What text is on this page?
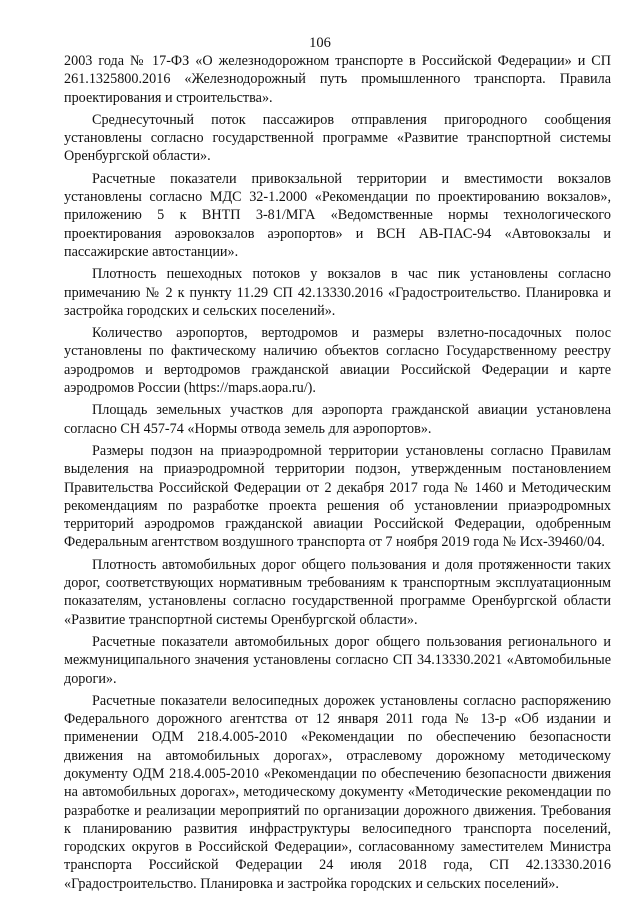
106

2003 года № 17-ФЗ «О железнодорожном транспорте в Российской Федерации» и СП 261.1325800.2016 «Железнодорожный путь промышленного транспорта. Правила проектирования и строительства».

Среднесуточный поток пассажиров отправления пригородного сообщения установлены согласно государственной программе «Развитие транспортной системы Оренбургской области».

Расчетные показатели привокзальной территории и вместимости вокзалов установлены согласно МДС 32-1.2000 «Рекомендации по проектированию вокзалов», приложению 5 к ВНТП 3-81/МГА «Ведомственные нормы технологического проектирования аэровокзалов аэропортов» и ВСН АВ-ПАС-94 «Автовокзалы и пассажирские автостанции».

Плотность пешеходных потоков у вокзалов в час пик установлены согласно примечанию № 2 к пункту 11.29 СП 42.13330.2016 «Градостроительство. Планировка и застройка городских и сельских поселений».

Количество аэропортов, вертодромов и размеры взлетно-посадочных полос установлены по фактическому наличию объектов согласно Государственному реестру аэродромов и вертодромов гражданской авиации Российской Федерации и карте аэродромов России (https://maps.aopa.ru/).

Площадь земельных участков для аэропорта гражданской авиации установлена согласно СН 457-74 «Нормы отвода земель для аэропортов».

Размеры подзон на приаэродромной территории установлены согласно Правилам выделения на приаэродромной территории подзон, утвержденным постановлением Правительства Российской Федерации от 2 декабря 2017 года № 1460 и Методическим рекомендациям по разработке проекта решения об установлении приаэродромных территорий аэродромов гражданской авиации Российской Федерации, одобренным Федеральным агентством воздушного транспорта от 7 ноября 2019 года № Исх-39460/04.

Плотность автомобильных дорог общего пользования и доля протяженности таких дорог, соответствующих нормативным требованиям к транспортным эксплуатационным показателям, установлены согласно государственной программе Оренбургской области «Развитие транспортной системы Оренбургской области».

Расчетные показатели автомобильных дорог общего пользования регионального и межмуниципального значения установлены согласно СП 34.13330.2021 «Автомобильные дороги».

Расчетные показатели велосипедных дорожек установлены согласно распоряжению Федерального дорожного агентства от 12 января 2011 года № 13-р «Об издании и применении ОДМ 218.4.005-2010 «Рекомендации по обеспечению безопасности движения на автомобильных дорогах», отраслевому дорожному методическому документу ОДМ 218.4.005-2010 «Рекомендации по обеспечению безопасности движения на автомобильных дорогах», методическому документу «Методические рекомендации по разработке и реализации мероприятий по организации дорожного движения. Требования к планированию развития инфраструктуры велосипедного транспорта поселений, городских округов в Российской Федерации», согласованному заместителем Министра транспорта Российской Федерации 24 июля 2018 года, СП 42.13330.2016 «Градостроительство. Планировка и застройка городских и сельских поселений».
